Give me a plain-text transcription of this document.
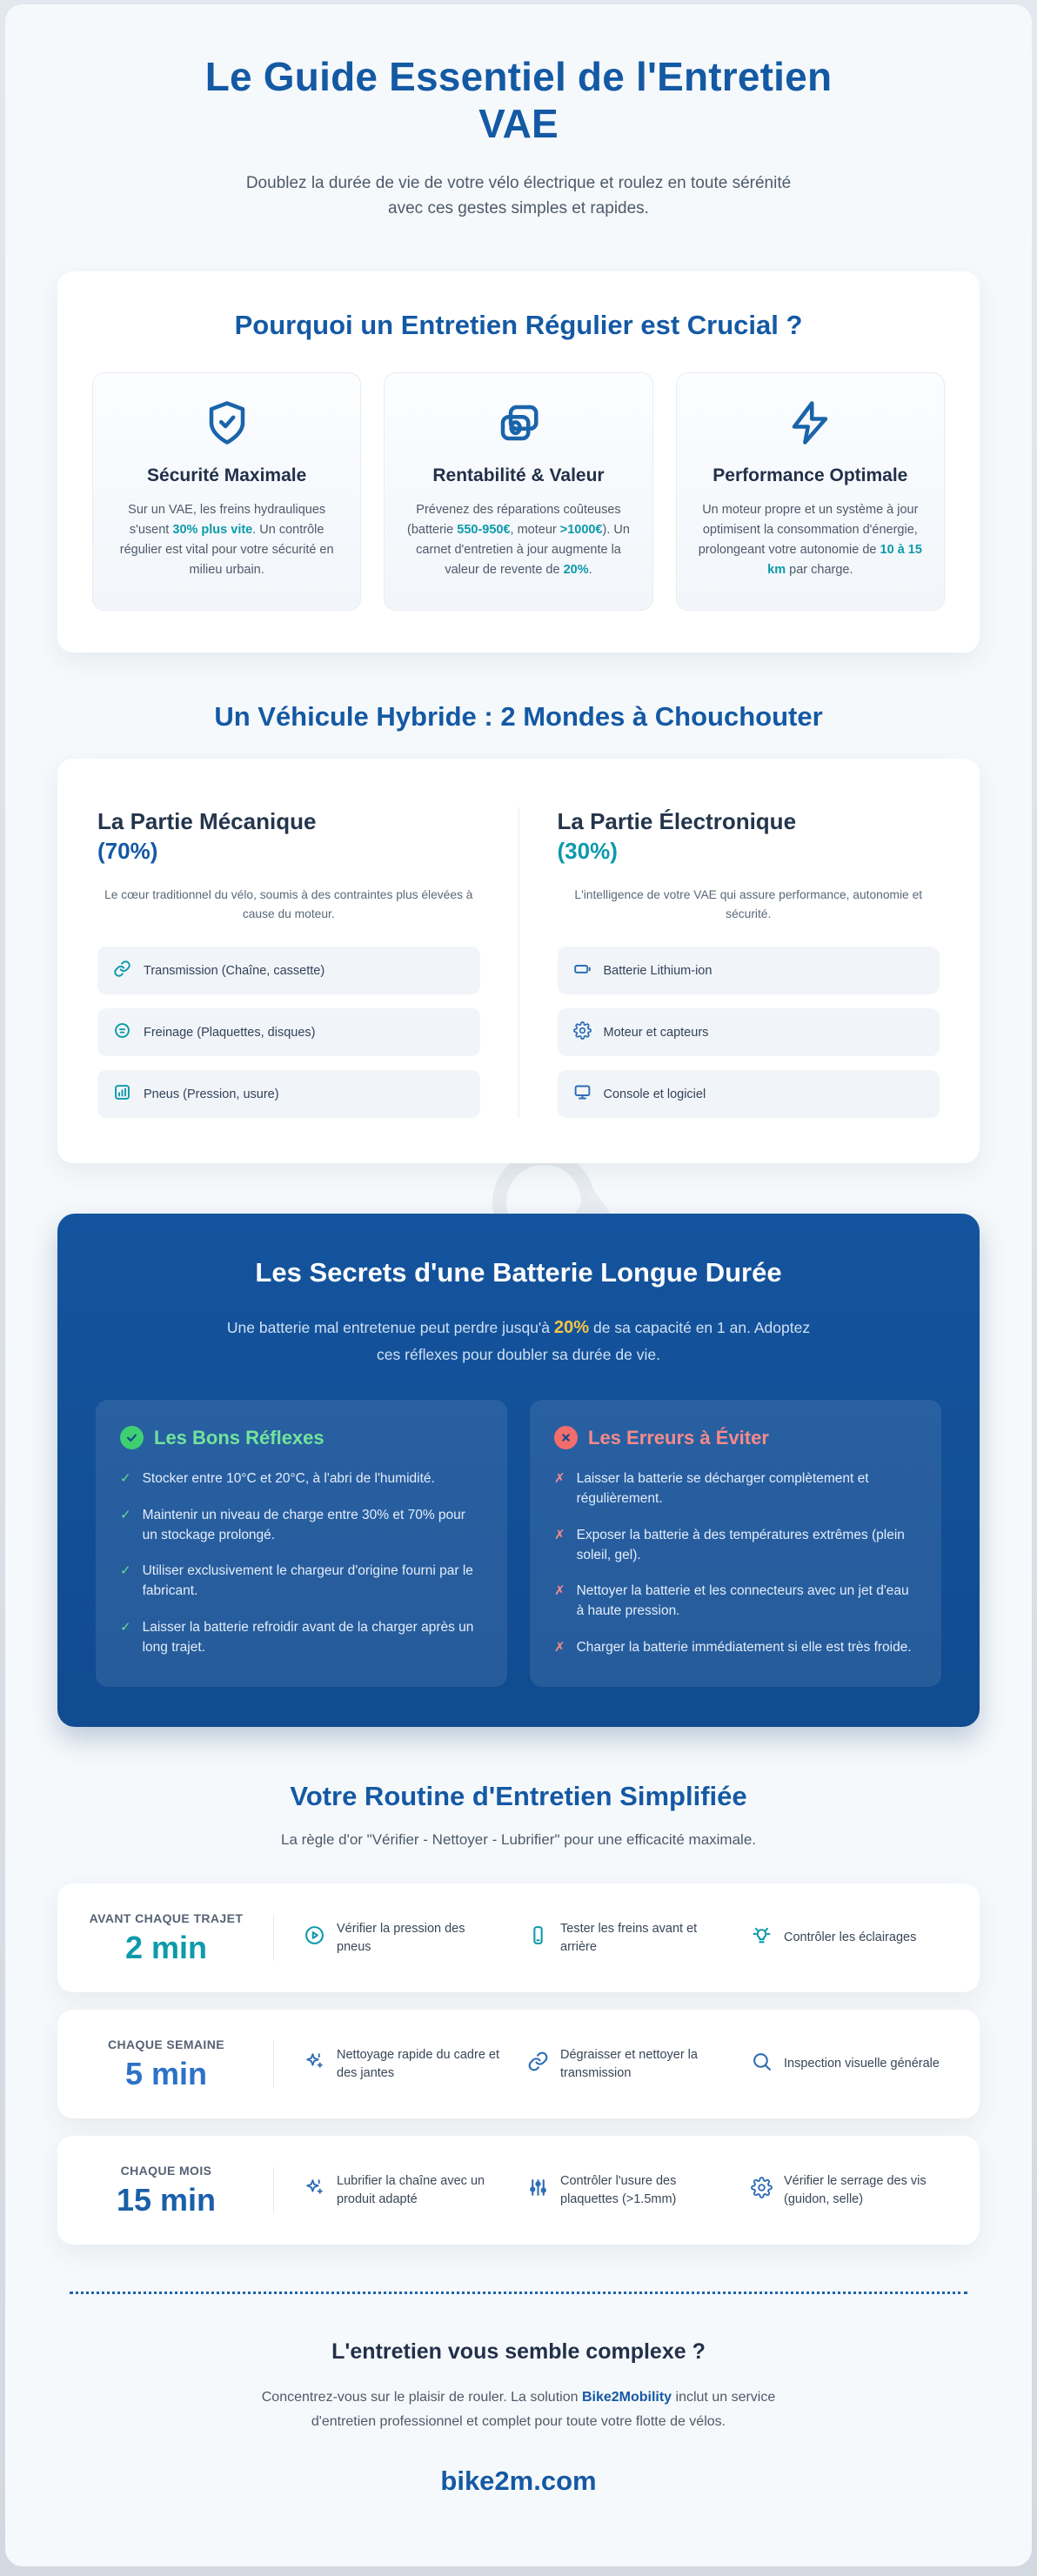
Le Guide Essentiel de l'Entretien VAE

Doublez la durée de vie de votre vélo électrique et roulez en toute sérénité avec ces gestes simples et rapides.

Pourquoi un Entretien Régulier est Crucial ?
Sécurité Maximale

Sur un VAE, les freins hydrauliques s'usent 30% plus vite. Un contrôle régulier est vital pour votre sécurité en milieu urbain.

Rentabilité & Valeur

Prévenez des réparations coûteuses (batterie 550-950€, moteur >1000€). Un carnet d'entretien à jour augmente la valeur de revente de 20%.

Performance Optimale

Un moteur propre et un système à jour optimisent la consommation d'énergie, prolongeant votre autonomie de 10 à 15 km par charge.

Un Véhicule Hybride : 2 Mondes à Chouchouter
La Partie Mécanique
(70%)

Le cœur traditionnel du vélo, soumis à des contraintes plus élevées à cause du moteur.

Transmission (Chaîne, cassette)
Freinage (Plaquettes, disques)
Pneus (Pression, usure)
La Partie Électronique
(30%)

L'intelligence de votre VAE qui assure performance, autonomie et sécurité.

Batterie Lithium-ion
Moteur et capteurs
Console et logiciel
Les Secrets d'une Batterie Longue Durée

Une batterie mal entretenue peut perdre jusqu'à 20% de sa capacité en 1 an. Adoptez ces réflexes pour doubler sa durée de vie.

Les Bons Réflexes
✓ Stocker entre 10°C et 20°C, à l'abri de l'humidité.
✓ Maintenir un niveau de charge entre 30% et 70% pour un stockage prolongé.
✓ Utiliser exclusivement le chargeur d'origine fourni par le fabricant.
✓ Laisser la batterie refroidir avant de la charger après un long trajet.
Les Erreurs à Éviter
✗ Laisser la batterie se décharger complètement et régulièrement.
✗ Exposer la batterie à des températures extrêmes (plein soleil, gel).
✗ Nettoyer la batterie et les connecteurs avec un jet d'eau à haute pression.
✗ Charger la batterie immédiatement si elle est très froide.
Votre Routine d'Entretien Simplifiée

La règle d'or "Vérifier - Nettoyer - Lubrifier" pour une efficacité maximale.

AVANT CHAQUE TRAJET
2 min
Vérifier la pression des pneus
Tester les freins avant et arrière
Contrôler les éclairages
CHAQUE SEMAINE
5 min
Nettoyage rapide du cadre et des jantes
Dégraisser et nettoyer la transmission
Inspection visuelle générale
CHAQUE MOIS
15 min
Lubrifier la chaîne avec un produit adapté
Contrôler l'usure des plaquettes (>1.5mm)
Vérifier le serrage des vis (guidon, selle)
L'entretien vous semble complexe ?

Concentrez-vous sur le plaisir de rouler. La solution Bike2Mobility inclut un service d'entretien professionnel et complet pour toute votre flotte de vélos.

bike2m.com
